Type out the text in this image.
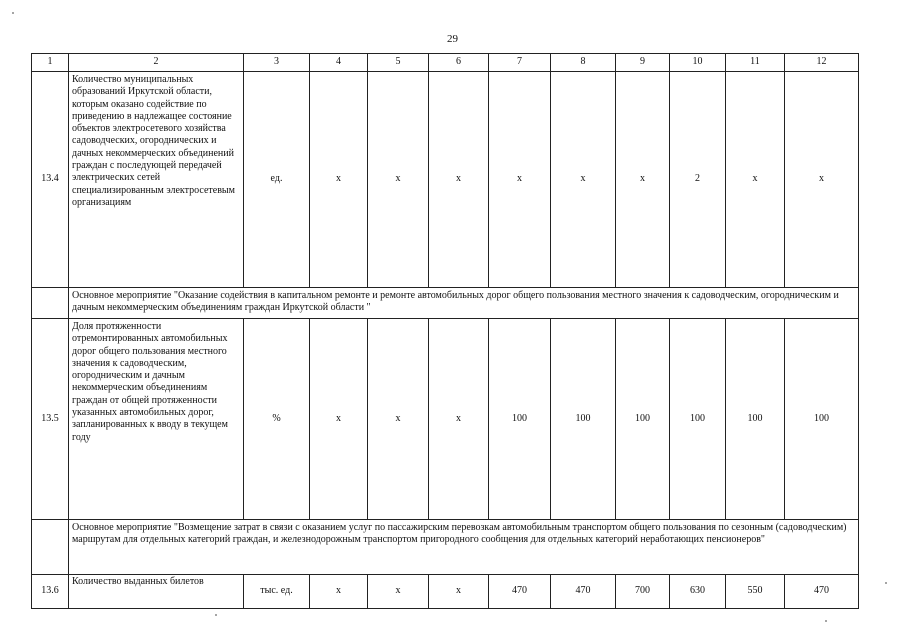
29
1	2	3	4	5	6	7	8	9	10	11	12
13.4	Количество муниципальных образований Иркутской области, которым оказано содействие по приведению в надлежащее состояние объектов электросетевого хозяйства садоводческих, огороднических и дачных некоммерческих объединений граждан с последующей передачей электрических сетей специализированным электросетевым организациям	ед.	х	х	х	х	х	х	2	х	х
	Основное мероприятие "Оказание содействия в капитальном ремонте и ремонте автомобильных дорог общего пользования местного значения к садоводческим, огородническим и дачным некоммерческим объединениям граждан Иркутской области "										
13.5	Доля протяженности отремонтированных автомобильных дорог общего пользования местного значения к садоводческим, огородническим и дачным некоммерческим объединениям граждан от общей протяженности указанных автомобильных дорог, запланированных к вводу в текущем году	%	х	х	х	100	100	100	100	100	100
	Основное мероприятие "Возмещение затрат в связи с оказанием услуг по пассажирским перевозкам автомобильным транспортом общего пользования по сезонным (садоводческим) маршрутам для отдельных категорий граждан, и железнодорожным транспортом пригородного сообщения для отдельных категорий неработающих пенсионеров"										
13.6	Количество выданных билетов	тыс. ед.	х	х	х	470	470	700	630	550	470
